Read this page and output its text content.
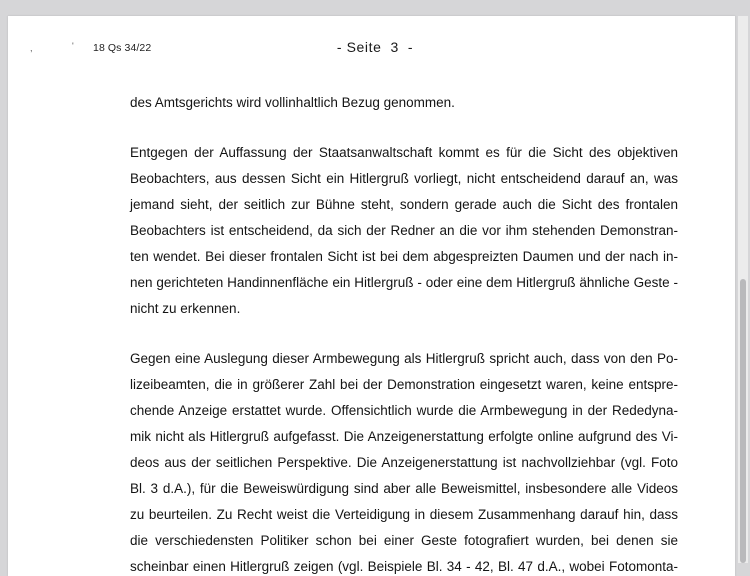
,	' 18 Qs 34/22	- Seite  3  -
des Amtsgerichts wird vollinhaltlich Bezug genommen.
Entgegen der Auffassung der Staatsanwaltschaft kommt es für die Sicht des objektiven
Beobachters, aus dessen Sicht ein Hitlergruß vorliegt, nicht entscheidend darauf an, was
jemand sieht, der seitlich zur Bühne steht, sondern gerade auch die Sicht des frontalen
Beobachters ist entscheidend, da sich der Redner an die vor ihm stehenden Demonstran-
ten wendet. Bei dieser frontalen Sicht ist bei dem abgespreizten Daumen und der nach in-
nen gerichteten Handinnenfläche ein Hitlergruß - oder eine dem Hitlergruß ähnliche Geste -
nicht zu erkennen.
Gegen eine Auslegung dieser Armbewegung als Hitlergruß spricht auch, dass von den Po-
lizeibeamten, die in größerer Zahl bei der Demonstration eingesetzt waren, keine entspre-
chende Anzeige erstattet wurde. Offensichtlich wurde die Armbewegung in der Rededyna-
mik nicht als Hitlergruß aufgefasst. Die Anzeigenerstattung erfolgte online aufgrund des Vi-
deos aus der seitlichen Perspektive. Die Anzeigenerstattung ist nachvollziehbar (vgl. Foto
Bl. 3 d.A.), für die Beweiswürdigung sind aber alle Beweismittel, insbesondere alle Videos
zu beurteilen. Zu Recht weist die Verteidigung in diesem Zusammenhang darauf hin, dass
die verschiedensten Politiker schon bei einer Geste fotografiert wurden, bei denen sie
scheinbar einen Hitlergruß zeigen (vgl. Beispiele Bl. 34 - 42, Bl. 47 d.A., wobei Fotomonta-
